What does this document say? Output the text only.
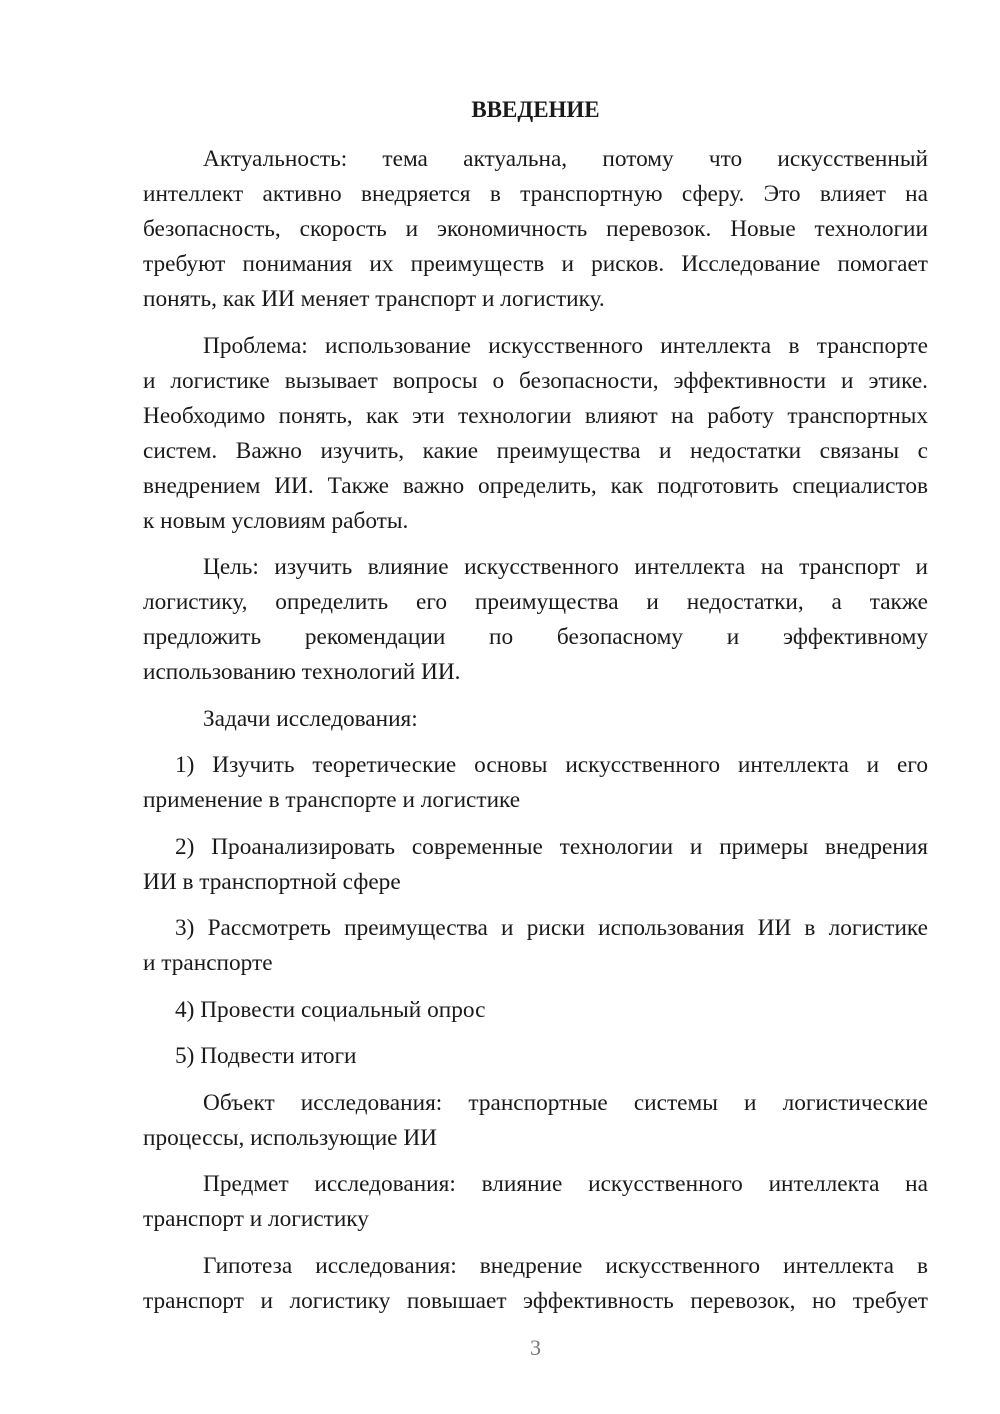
ВВЕДЕНИЕ
Актуальность: тема актуальна, потому что искусственный
интеллект активно внедряется в транспортную сферу. Это влияет на
безопасность, скорость и экономичность перевозок. Новые технологии
требуют понимания их преимуществ и рисков. Исследование помогает
понять, как ИИ меняет транспорт и логистику.
Проблема: использование искусственного интеллекта в транспорте
и логистике вызывает вопросы о безопасности, эффективности и этике.
Необходимо понять, как эти технологии влияют на работу транспортных
систем. Важно изучить, какие преимущества и недостатки связаны с
внедрением ИИ. Также важно определить, как подготовить специалистов
к новым условиям работы.
Цель: изучить влияние искусственного интеллекта на транспорт и
логистику, определить его преимущества и недостатки, а также
предложить рекомендации по безопасному и эффективному
использованию технологий ИИ.
Задачи исследования:
1) Изучить теоретические основы искусственного интеллекта и его
применение в транспорте и логистике
2) Проанализировать современные технологии и примеры внедрения
ИИ в транспортной сфере
3) Рассмотреть преимущества и риски использования ИИ в логистике
и транспорте
4) Провести социальный опрос
5) Подвести итоги
Объект исследования: транспортные системы и логистические
процессы, использующие ИИ
Предмет исследования: влияние искусственного интеллекта на
транспорт и логистику
Гипотеза исследования: внедрение искусственного интеллекта в
транспорт и логистику повышает эффективность перевозок, но требует
3
